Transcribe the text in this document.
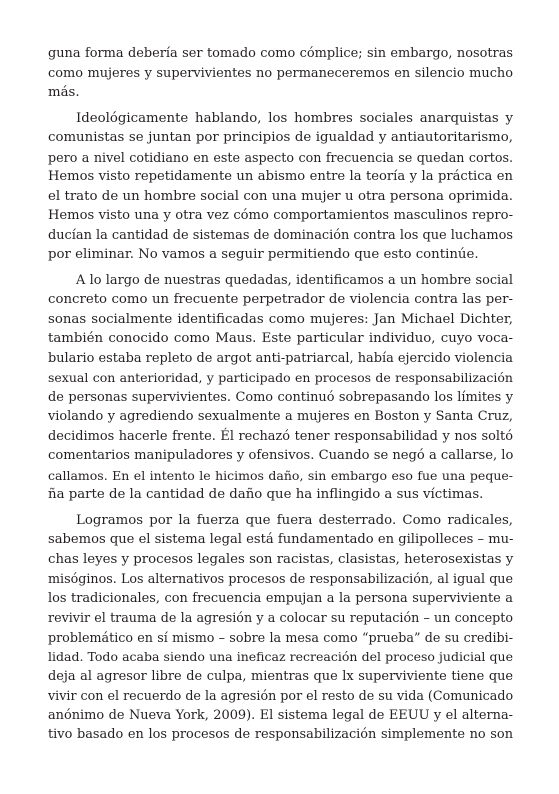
guna forma debería ser tomado como cómplice; sin embargo, nosotras
como mujeres y supervivientes no permaneceremos en silencio mucho
más.
Ideológicamente hablando, los hombres sociales anarquistas y
comunistas se juntan por principios de igualdad y antiautoritarismo,
pero a nivel cotidiano en este aspecto con frecuencia se quedan cortos.
Hemos visto repetidamente un abismo entre la teoría y la práctica en
el trato de un hombre social con una mujer u otra persona oprimida.
Hemos visto una y otra vez cómo comportamientos masculinos repro-
ducían la cantidad de sistemas de dominación contra los que luchamos
por eliminar. No vamos a seguir permitiendo que esto continúe.
A lo largo de nuestras quedadas, identificamos a un hombre social
concreto como un frecuente perpetrador de violencia contra las per-
sonas socialmente identificadas como mujeres: Jan Michael Dichter,
también conocido como Maus. Este particular individuo, cuyo voca-
bulario estaba repleto de argot anti-patriarcal, había ejercido violencia
sexual con anterioridad, y participado en procesos de responsabilización
de personas supervivientes. Como continuó sobrepasando los límites y
violando y agrediendo sexualmente a mujeres en Boston y Santa Cruz,
decidimos hacerle frente. Él rechazó tener responsabilidad y nos soltó
comentarios manipuladores y ofensivos. Cuando se negó a callarse, lo
callamos. En el intento le hicimos daño, sin embargo eso fue una peque-
ña parte de la cantidad de daño que ha inflingido a sus víctimas.
Logramos por la fuerza que fuera desterrado. Como radicales,
sabemos que el sistema legal está fundamentado en gilipolleces – mu-
chas leyes y procesos legales son racistas, clasistas, heterosexistas y
misóginos. Los alternativos procesos de responsabilización, al igual que
los tradicionales, con frecuencia empujan a la persona superviviente a
revivir el trauma de la agresión y a colocar su reputación – un concepto
problemático en sí mismo – sobre la mesa como “prueba” de su credibi-
lidad. Todo acaba siendo una ineficaz recreación del proceso judicial que
deja al agresor libre de culpa, mientras que lx superviviente tiene que
vivir con el recuerdo de la agresión por el resto de su vida (Comunicado
anónimo de Nueva York, 2009). El sistema legal de EEUU y el alterna-
tivo basado en los procesos de responsabilización simplemente no son
